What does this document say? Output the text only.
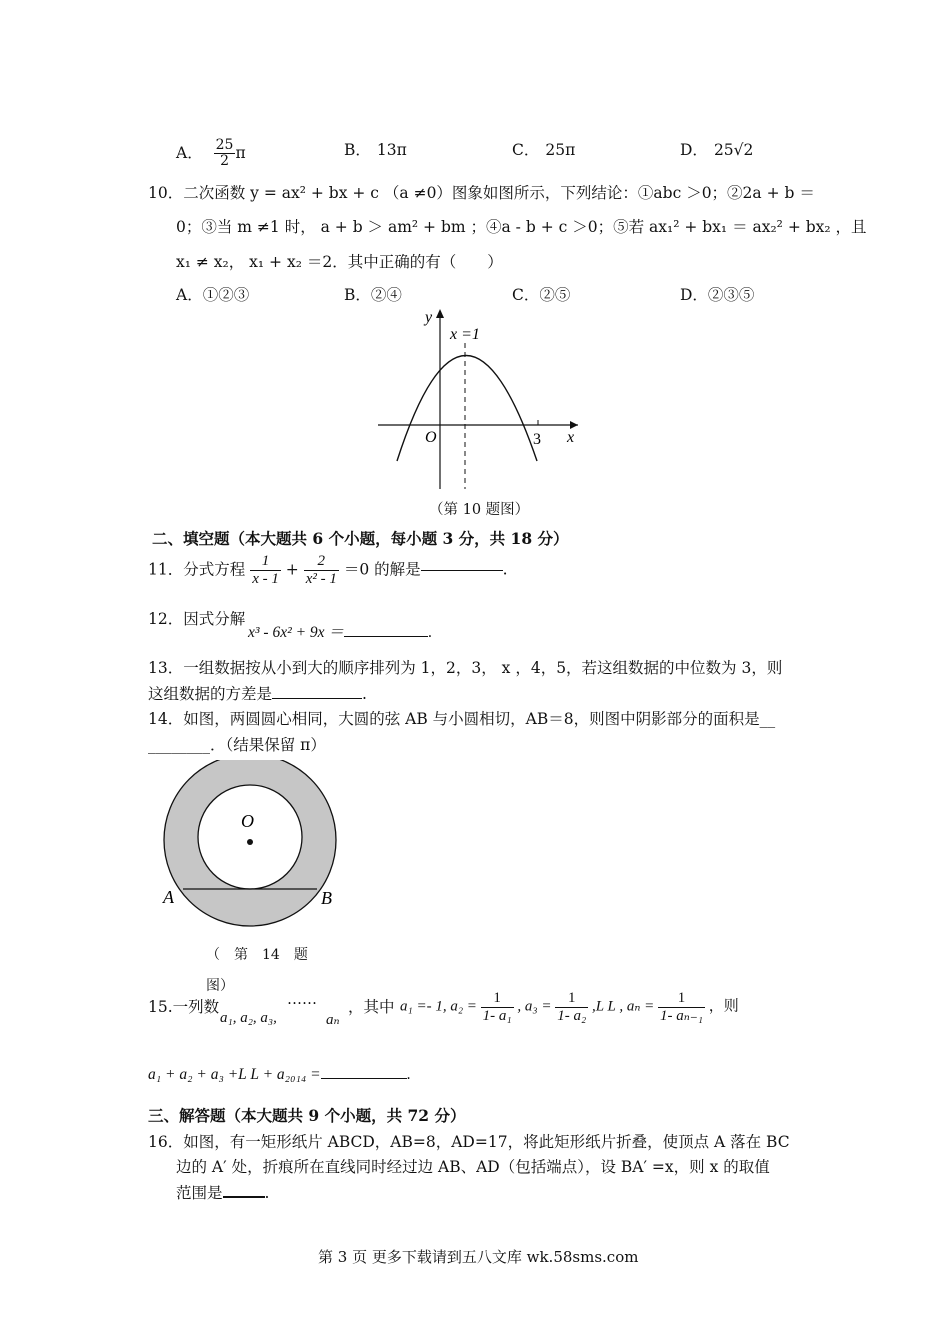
A． $\frac{25}{2}$ π	B． 13π	C． 25π	D． 25√2
10．二次函数 y = ax² + bx + c （a ≠0）图象如图所示，下列结论：①abc ＞0；②2a + b ＝
0；③当 m ≠1 时， a + b ＞ am² + bm ；④a - b + c ＞0；⑤若 ax₁² + bx₁ ＝ ax₂² + bx₂ ，且
x₁ ≠ x₂， x₁ + x₂ ＝2．其中正确的有（　　）
A．①②③	B．②④	C．②⑤	D．②③⑤
y
x
O
x =1
3
（第 10 题图）
二、填空题（本大题共 6 个小题，每小题 3 分，共 18 分）
11．分式方程 $\frac{1}{x - 1} + \frac{2}{\text{x² - 1}} =0$ 的解是	.
12．因式分解
x³ - 6x² + 9x ＝	.
13．一组数据按从小到大的顺序排列为 1，2，3， x ，4，5，若这组数据的中位数为 3，则
这组数据的方差是	.
14．如图，两圆圆心相同，大圆的弦 AB 与小圆相切，AB＝8，则图中阴影部分的面积是__
________．（结果保留 π）
O
A	B
（　第　14　题
图）
15.一列数
a₁, a₂, a₃,
……
aₙ
，其中 a₁ =- 1, $a_2 = \frac{1}{\text{1- a₁}}$ , $a_3 = \frac{1}{\text{1- a₂}} ,L$ L , $a_n = \frac{1}{\text{1- aₙ₋₁}}$ ，则
a₁ + a₂ + a₃ +L L + a₂₀₁₄ =	.
三、解答题（本大题共 9 个小题，共 72 分）
16．如图，有一矩形纸片 ABCD，AB=8，AD=17，将此矩形纸片折叠，使顶点 A 落在 BC
边的 A′ 处，折痕所在直线同时经过边 AB、AD（包括端点），设 BA′ =x，则 x 的取值
范围是	.
第 3 页 更多下载请到五八文库 wk.58sms.com
